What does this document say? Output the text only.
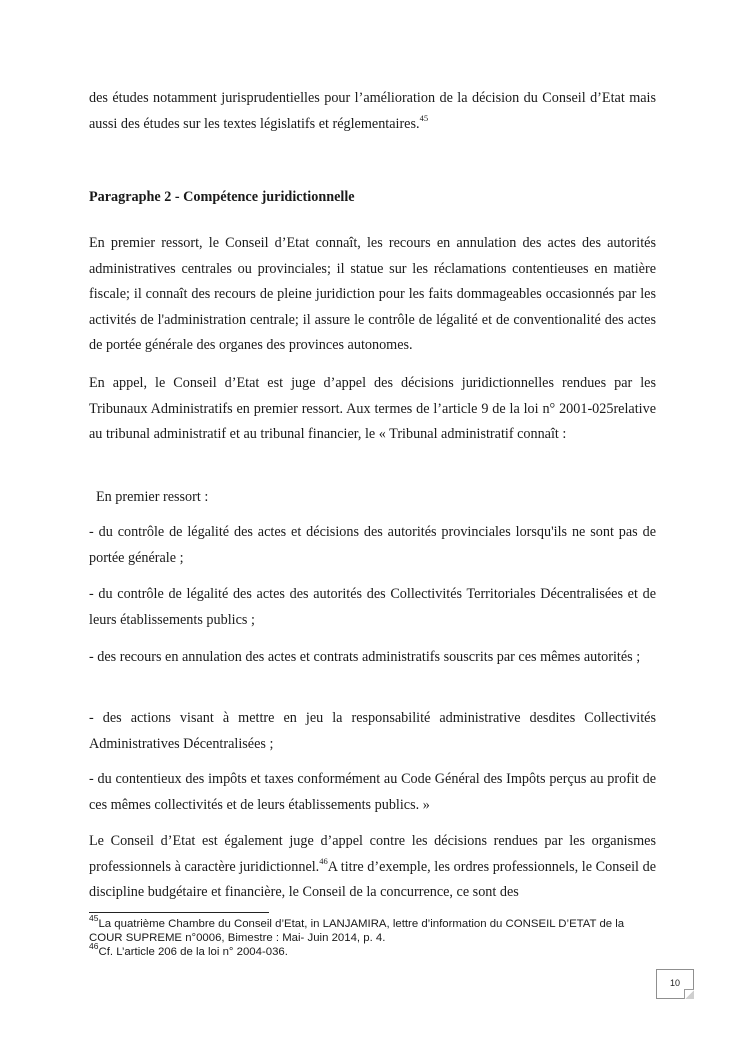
des études notamment jurisprudentielles pour l’amélioration de la décision du Conseil d’Etat mais aussi des études sur les textes législatifs et réglementaires.$^{45}$

Paragraphe 2 - Compétence juridictionnelle

En premier ressort, le Conseil d’Etat connaît, les recours en annulation des actes des autorités administratives centrales ou provinciales; il statue sur les réclamations contentieuses en matière fiscale; il connaît des recours de pleine juridiction pour les faits dommageables occasionnés par les activités de l'administration centrale; il assure le contrôle de légalité et de conventionalité des actes de portée générale des organes des provinces autonomes.

En appel, le Conseil d’Etat est juge d’appel des décisions juridictionnelles rendues par les Tribunaux Administratifs en premier ressort. Aux termes de l’article 9 de la loi n° 2001-025relative au tribunal administratif et au tribunal financier, le « Tribunal administratif connaît :

En premier ressort :

- du contrôle de légalité des actes et décisions des autorités provinciales lorsqu'ils ne sont pas de portée générale ;

- du contrôle de légalité des actes des autorités des Collectivités Territoriales Décentralisées et de leurs établissements publics ;

- des recours en annulation des actes et contrats administratifs souscrits par ces mêmes autorités ;

- des actions visant à mettre en jeu la responsabilité administrative desdites Collectivités Administratives Décentralisées ;

- du contentieux des impôts et taxes conformément au Code Général des Impôts perçus au profit de ces mêmes collectivités et de leurs établissements publics. »

Le Conseil d’Etat est également juge d’appel contre les décisions rendues par les organismes professionnels à caractère juridictionnel.$^{46}$A titre d’exemple, les ordres professionnels, le Conseil de discipline budgétaire et financière, le Conseil de la concurrence, ce sont des

$^{45}$La quatrième Chambre du Conseil d’Etat, in LANJAMIRA, lettre d’information du CONSEIL D’ETAT de la COUR SUPREME n°0006, Bimestre : Mai- Juin 2014, p. 4.

$^{46}$Cf. L’article 206 de la loi n° 2004-036.

10
